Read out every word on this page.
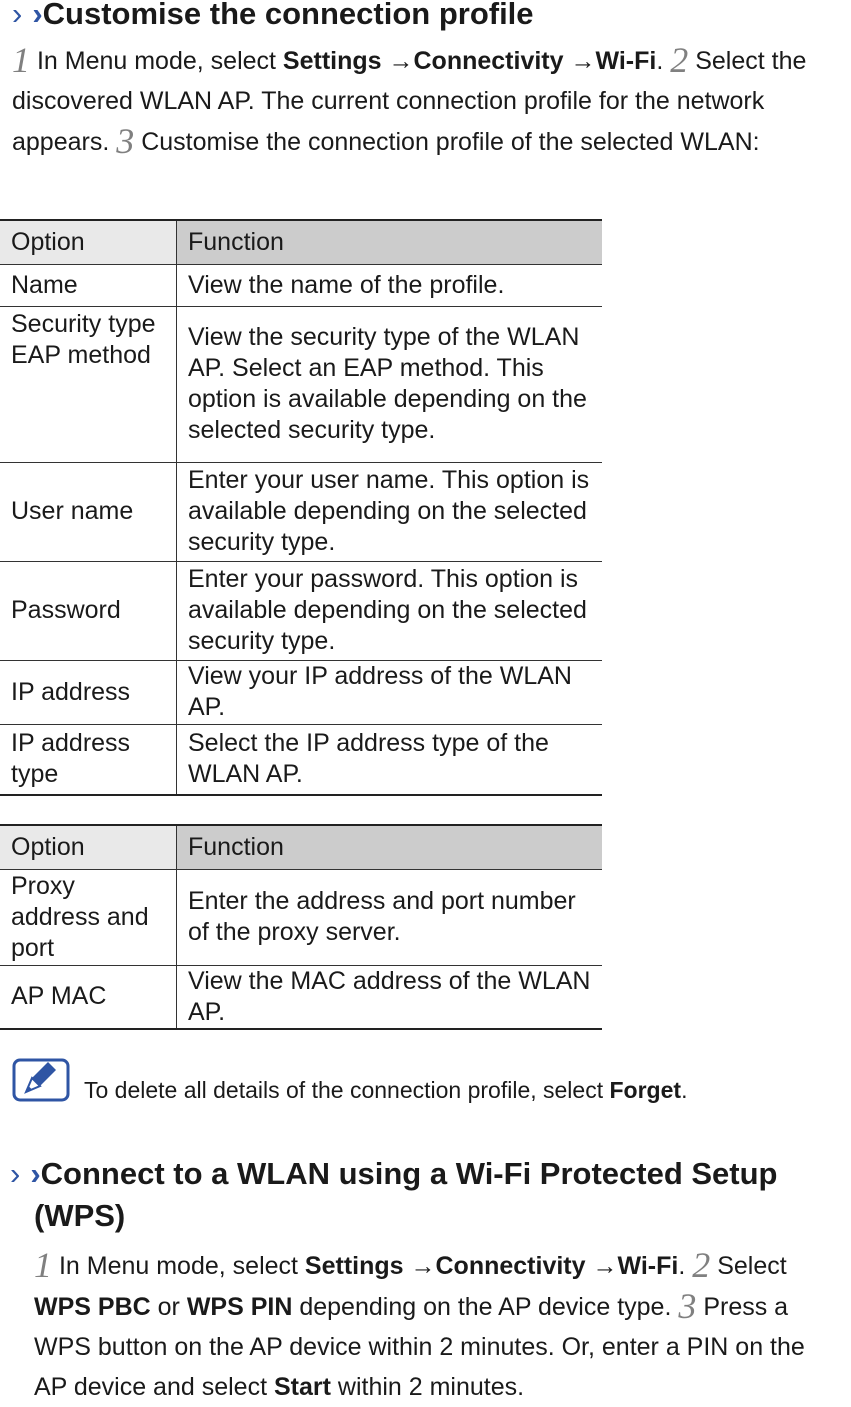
› ›Customise the connection profile
1 In Menu mode, select Settings →Connectivity →Wi-Fi. 2 Select the discovered WLAN AP. The current connection profile for the network appears. 3 Customise the connection profile of the selected WLAN:
Option	Function
Name	View the name of the profile.
Security type EAP method	View the security type of the WLAN AP. Select an EAP method. This option is available depending on the selected security type.
User name	Enter your user name. This option is available depending on the selected security type.
Password	Enter your password. This option is available depending on the selected security type.
IP address	View your IP address of the WLAN AP.
IP address type	Select the IP address type of the WLAN AP.
Option	Function
Proxy address and port	Enter the address and port number of the proxy server.
AP MAC	View the MAC address of the WLAN AP.
To delete all details of the connection profile, select Forget.
› ›Connect to a WLAN using a Wi-Fi Protected Setup
(WPS)
1 In Menu mode, select Settings →Connectivity →Wi-Fi. 2 Select WPS PBC or WPS PIN depending on the AP device type. 3 Press a WPS button on the AP device within 2 minutes. Or, enter a PIN on the AP device and select Start within 2 minutes.
